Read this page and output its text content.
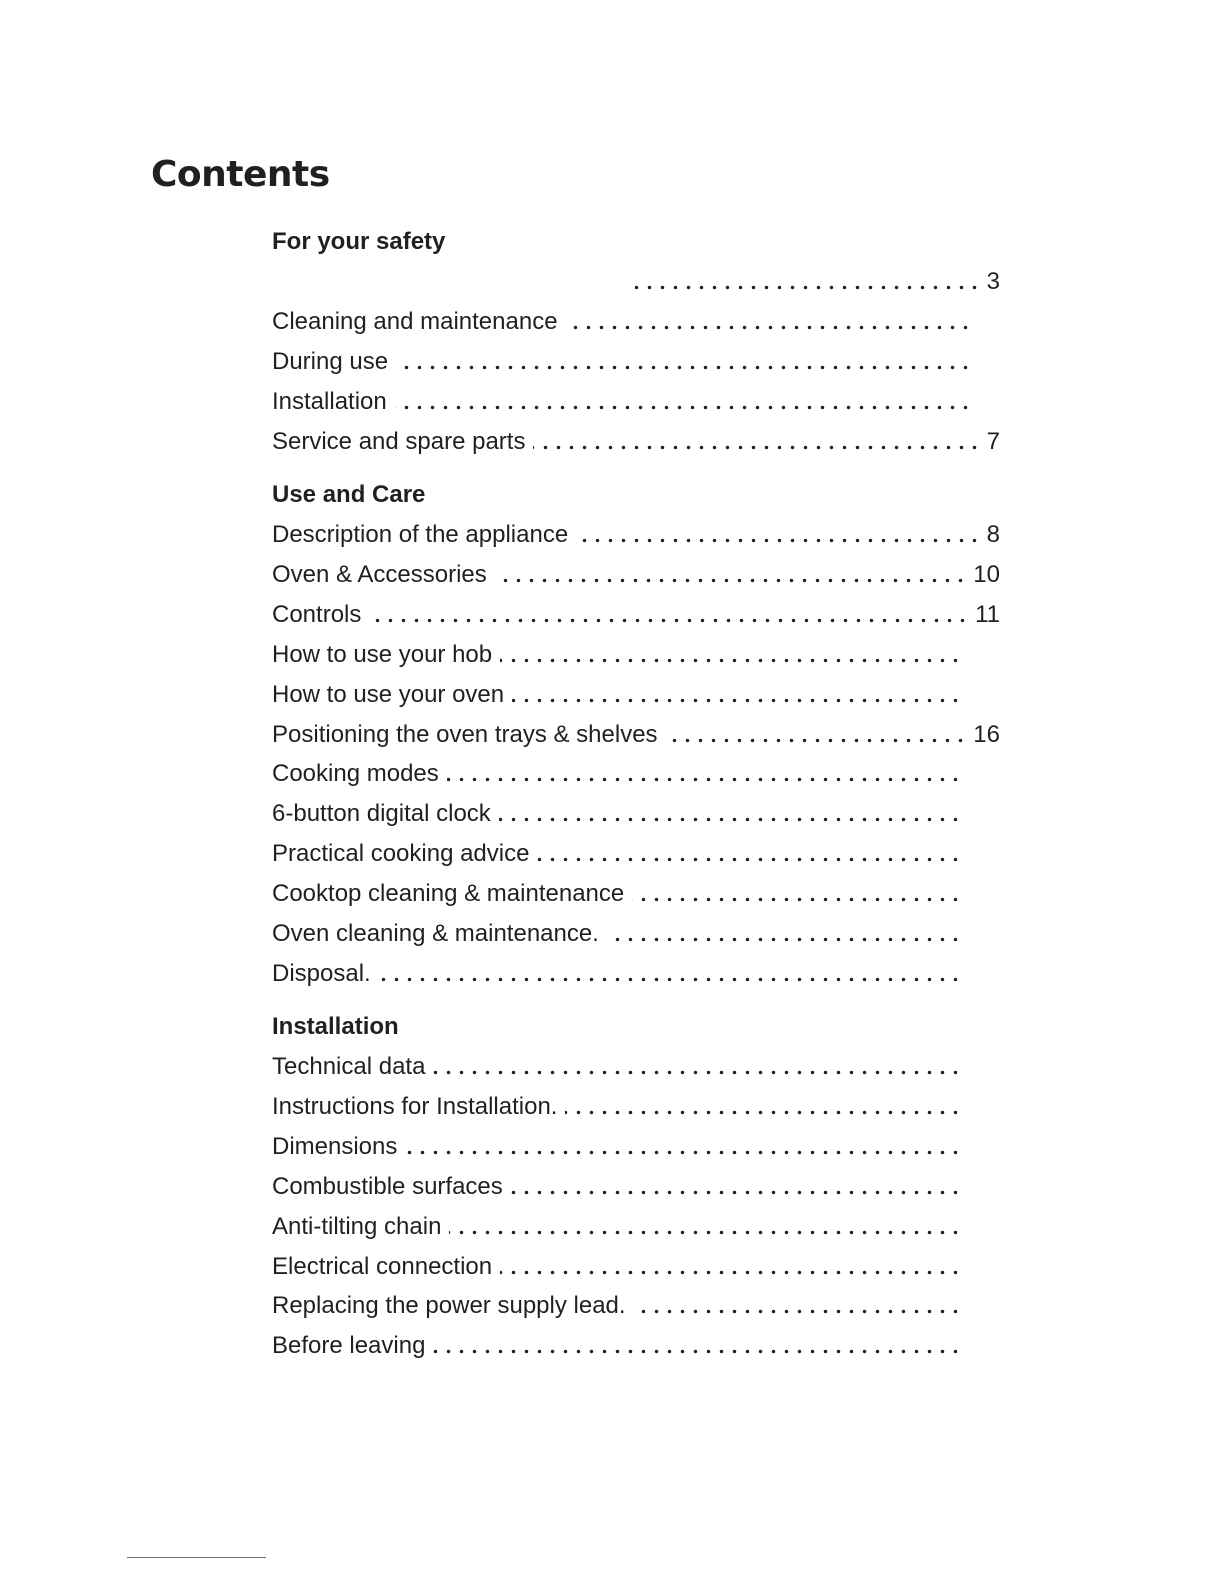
Contents
For your safety
3
Cleaning and maintenance
During use
Installation
Service and spare parts	7
Use and Care
Description of the appliance	8
Oven & Accessories	10
Controls	11
How to use your hob
How to use your oven
Positioning the oven trays & shelves	16
Cooking modes
6-button digital clock
Practical cooking advice
Cooktop cleaning & maintenance
Oven cleaning & maintenance.
Disposal.
Installation
Technical data
Instructions for Installation.
Dimensions
Combustible surfaces
Anti-tilting chain
Electrical connection
Replacing the power supply lead.
Before leaving
